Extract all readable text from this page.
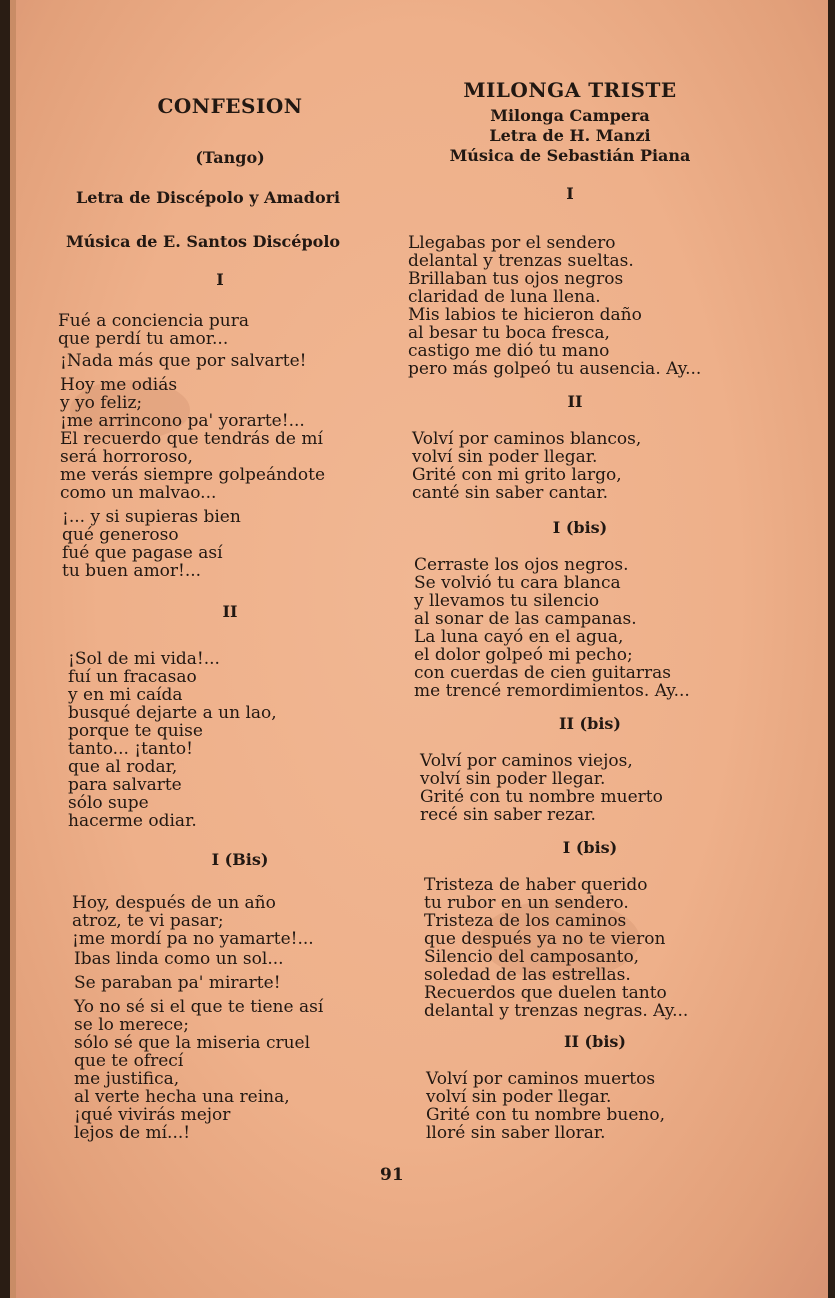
CONFESION
(Tango)
Letra de Discépolo y Amadori
Música de E. Santos Discépolo
I
Fué a conciencia pura
que perdí tu amor...
¡Nada más que por salvarte!
Hoy me odiás
y yo feliz;
¡me arrincono pa' yorarte!...
El recuerdo que tendrás de mí
será horroroso,
me verás siempre golpeándote
como un malvao...
¡... y si supieras bien
qué generoso
fué que pagase así
tu buen amor!...
II
¡Sol de mi vida!...
fuí un fracasao
y en mi caída
busqué dejarte a un lao,
porque te quise
tanto... ¡tanto!
que al rodar,
para salvarte
sólo supe
hacerme odiar.
I (Bis)
Hoy, después de un año
atroz, te vi pasar;
¡me mordí pa no yamarte!...
Ibas linda como un sol...
Se paraban pa' mirarte!
Yo no sé si el que te tiene así
se lo merece;
sólo sé que la miseria cruel
que te ofrecí
me justifica,
al verte hecha una reina,
¡qué vivirás mejor
lejos de mí...!
MILONGA TRISTE
Milonga Campera
Letra de H. Manzi
Música de Sebastián Piana
I
Llegabas por el sendero
delantal y trenzas sueltas.
Brillaban tus ojos negros
claridad de luna llena.
Mis labios te hicieron daño
al besar tu boca fresca,
castigo me dió tu mano
pero más golpeó tu ausencia. Ay...
II
Volví por caminos blancos,
volví sin poder llegar.
Grité con mi grito largo,
canté sin saber cantar.
I (bis)
Cerraste los ojos negros.
Se volvió tu cara blanca
y llevamos tu silencio
al sonar de las campanas.
La luna cayó en el agua,
el dolor golpeó mi pecho;
con cuerdas de cien guitarras
me trencé remordimientos. Ay...
II (bis)
Volví por caminos viejos,
volví sin poder llegar.
Grité con tu nombre muerto
recé sin saber rezar.
I (bis)
Tristeza de haber querido
tu rubor en un sendero.
Tristeza de los caminos
que después ya no te vieron
Silencio del camposanto,
soledad de las estrellas.
Recuerdos que duelen tanto
delantal y trenzas negras. Ay...
II (bis)
Volví por caminos muertos
volví sin poder llegar.
Grité con tu nombre bueno,
lloré sin saber llorar.
91
